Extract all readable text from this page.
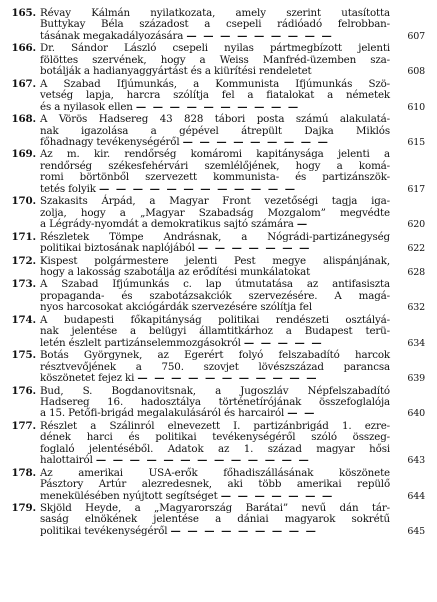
165. Révay Kálmán nyilatkozata, amely szerint utasította
Buttykay Béla századost a csepeli rádióadó felrobban-
tásának megakadályozására — — — — — — — — —	607
166. Dr. Sándor László csepeli nyilas pártmegbízott jelenti
fölöttes szervének, hogy a Weiss Manfréd-üzemben sza-
botálják a hadianyaggyártást és a kiürítési rendeletet	608
167. A Szabad Ifjúmunkás, a Kommunista Ifjúmunkás Szö-
vetség lapja, harcra szólítja fel a fiatalokat a németek
és a nyilasok ellen — — — — — — — — — —	610
168. A Vörös Hadsereg 43 828 tábori posta számú alakulatá-
nak igazolása a gépével átrepült Dajka Miklós
főhadnagy tevékenységéről — — — — — — — — —	615
169. Az m. kir. rendőrség komáromi kapitánysága jelenti a
rendőrség székesfehérvári szemlélőjének, hogy a komá-
romi börtönből szervezett kommunista- és partizánszök-
tetés folyik — — — — — — — — — — — —	617
170. Szakasits Árpád, a Magyar Front vezetőségi tagja iga-
zolja, hogy a „Magyar Szabadság Mozgalom” megvédte
a Légrády-nyomdát a demokratikus sajtó számára —	620
171. Részletek Tömpe Andrásnak, a Nógrádi-partizánegység
politikai biztosának naplójából — — — — — — —	622
172. Kispest polgármestere jelenti Pest megye alispánjának,
hogy a lakosság szabotálja az erődítési munkálatokat	628
173. A Szabad Ifjúmunkás c. lap útmutatása az antifasiszta
propaganda- és szabotázsakciók szervezésére. A magá-
nyos harcosokat akciógárdák szervezésére szólítja fel	632
174. A budapesti főkapitányság politikai rendészeti osztályá-
nak jelentése a belügyi államtitkárhoz a Budapest terü-
letén észlelt partizánselemmozgásokról — — — — —	634
175. Botás Györgynek, az Egerért folyó felszabadító harcok
résztvevőjének a 750. szovjet lövészszázad parancsa
köszönetet fejez ki — — — — — — — — — — —	639
176. Bud, S. Bogdanovitsnak, a Jugoszláv Népfelszabadító
Hadsereg 16. hadosztálya történetírójának összefoglalója
a 15. Petőfi-brigád megalakulásáról és harcairól — —	640
177. Részlet a Szálinról elnevezett I. partizánbrigád 1. ezre-
dének harci és politikai tevékenységéről szóló összeg-
foglaló jelentéséből. Adatok az 1. század magyar hősi
halottairól — — — — — — — — — — — — —	643
178. Az amerikai USA-erők főhadiszállásának köszönete
Pásztory Artúr alezredesnek, aki több amerikai repülő
menekülésében nyújtott segítséget — — — — — — —	644
179. Skjöld Heyde, a „Magyarország Barátai” nevű dán tár-
saság elnökének jelentése a dániai magyarok sokrétű
politikai tevékenységéről — — — — — — — — —	645
